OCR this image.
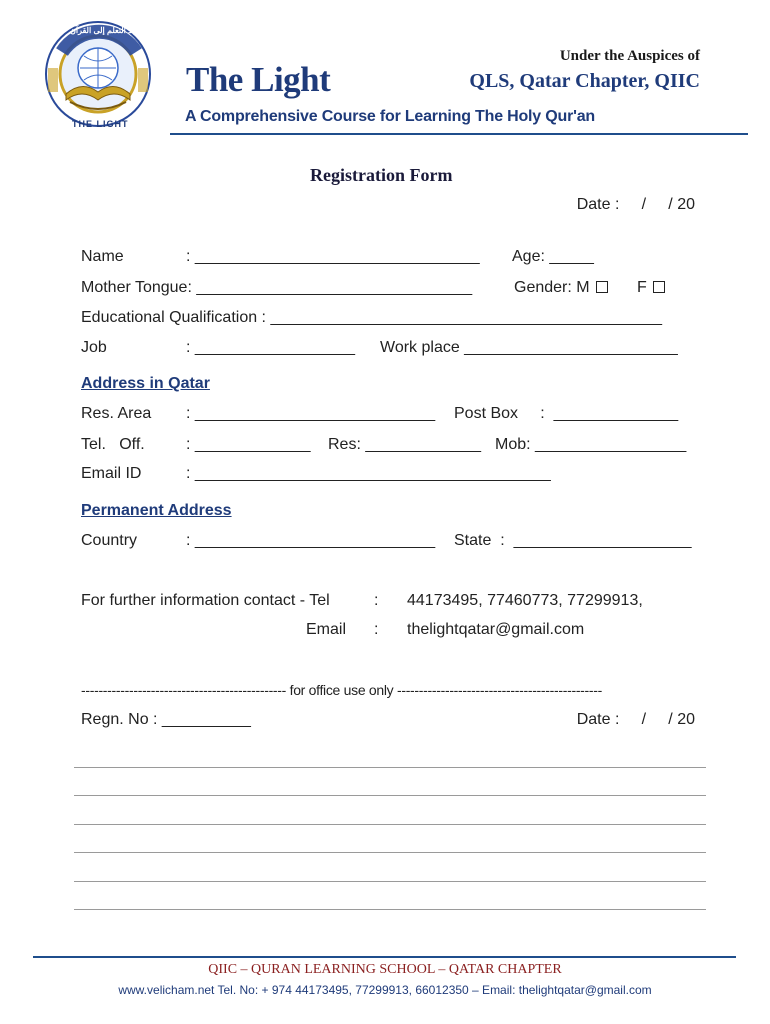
معهد التعلم إلى القرآن
THE LIGHT
The Light
A Comprehensive Course for Learning The Holy Qur'an
Under the Auspices of
QLS, Qatar Chapter, QIIC
Registration Form
Date :     /     / 20
Name	: ________________________________ Age: _____
Mother Tongue: _______________________________	Gender: M	F
Educational Qualification : ____________________________________________
Job	: __________________ Work place ________________________
Address in Qatar
Res. Area : ___________________________ Post Box     :  ______________
Tel.   Off.	: _____________ Res: _____________ Mob: _________________
Email ID	: ________________________________________
Permanent Address
Country	: ___________________________ State  :  ____________________
For further information contact - Tel	: 44173495, 77460773, 77299913,
Email : thelightqatar@gmail.com
----------------------------------------------- for office use only -----------------------------------------------
Regn. No : __________	Date :     /     / 20
QIIC – QURAN LEARNING SCHOOL – QATAR CHAPTER
www.velicham.net Tel. No: + 974 44173495, 77299913, 66012350 – Email: thelightqatar@gmail.com
